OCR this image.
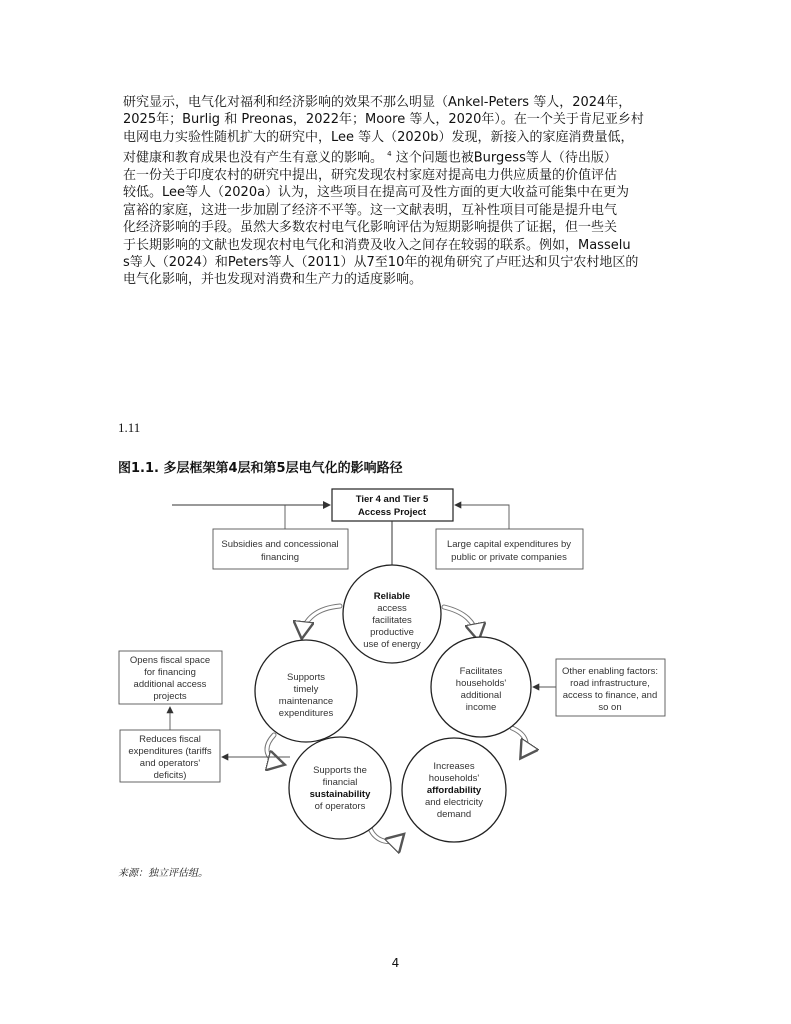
研究显示，电气化对福利和经济影响的效果不那么明显（Ankel-Peters 等人，2024年，
2025年；Burlig 和 Preonas，2022年；Moore 等人，2020年）。在一个关于肯尼亚乡村
电网电力实验性随机扩大的研究中，Lee 等人（2020b）发现，新接入的家庭消费量低，
对健康和教育成果也没有产生有意义的影响。 $^4$ 这个问题也被Burgess等人（待出版）
在一份关于印度农村的研究中提出，研究发现农村家庭对提高电力供应质量的价值评估
较低。Lee等人（2020a）认为，这些项目在提高可及性方面的更大收益可能集中在更为
富裕的家庭，这进一步加剧了经济不平等。这一文献表明，互补性项目可能是提升电气
化经济影响的手段。虽然大多数农村电气化影响评估为短期影响提供了证据，但一些关
于长期影响的文献也发现农村电气化和消费及收入之间存在较弱的联系。例如，Masselu
s等人（2024）和Peters等人（2011）从7至10年的视角研究了卢旺达和贝宁农村地区的
电气化影响，并也发现对消费和生产力的适度影响。
1.11
图1.1. 多层框架第4层和第5层电气化的影响路径
Tier 4 and Tier 5
Access Project
Subsidies and concessional
financing
Large capital expenditures by
public or private companies
Reliable
access
facilitates
productive
use of energy
Facilitates
households'
additional
income
Increases
households'
affordability
and electricity
demand
Supports the
financial
sustainability
of operators
Supports
timely
maintenance
expenditures
Opens fiscal space
for financing
additional access
projects
Reduces fiscal
expenditures (tariffs
and operators'
deficits)
Other enabling factors:
road infrastructure,
access to finance, and
so on
来源：独立评估组。
4
